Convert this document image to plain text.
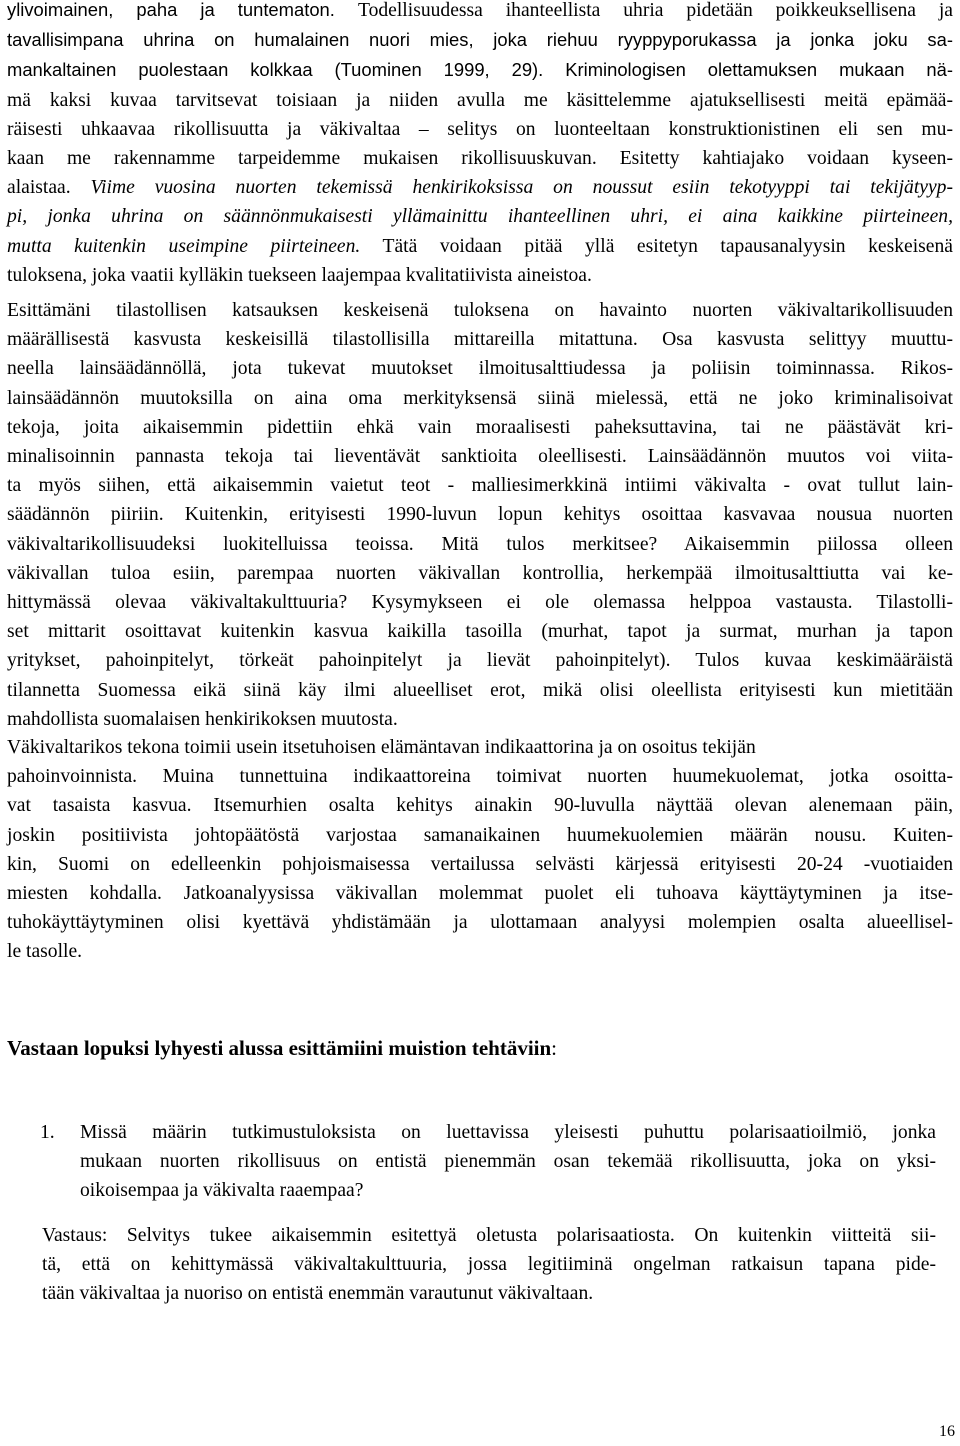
ylivoimainen, paha ja tuntematon. Todellisuudessa ihanteellista uhria pidetään poikkeuksellisena ja
tavallisimpana uhrina on humalainen nuori mies, joka riehuu ryyppyporukassa ja jonka joku sa-
mankaltainen puolestaan kolkkaa (Tuominen 1999, 29). Kriminologisen olettamuksen mukaan nä-
mä kaksi kuvaa tarvitsevat toisiaan ja niiden avulla me käsittelemme ajatuksellisesti meitä epämää-
räisesti uhkaavaa rikollisuutta ja väkivaltaa – selitys on luonteeltaan konstruktionistinen eli sen mu-
kaan me rakennamme tarpeidemme mukaisen rikollisuuskuvan. Esitetty kahtiajako voidaan kyseen-
alaistaa. Viime vuosina nuorten tekemissä henkirikoksissa on noussut esiin tekotyyppi tai tekijätyyp-
pi, jonka uhrina on säännönmukaisesti yllämainittu ihanteellinen uhri, ei aina kaikkine piirteineen,
mutta kuitenkin useimpine piirteineen. Tätä voidaan pitää yllä esitetyn tapausanalyysin keskeisenä
tuloksena, joka vaatii kylläkin tuekseen laajempaa kvalitatiivista aineistoa.
Esittämäni tilastollisen katsauksen keskeisenä tuloksena on havainto nuorten väkivaltarikollisuuden
määrällisestä kasvusta keskeisillä tilastollisilla mittareilla mitattuna. Osa kasvusta selittyy muuttu-
neella lainsäädännöllä, jota tukevat muutokset ilmoitusalttiudessa ja poliisin toiminnassa. Rikos-
lainsäädännön muutoksilla on aina oma merkityksensä siinä mielessä, että ne joko kriminalisoivat
tekoja, joita aikaisemmin pidettiin ehkä vain moraalisesti paheksuttavina, tai ne päästävät kri-
minalisoinnin pannasta tekoja tai lieventävät sanktioita oleellisesti. Lainsäädännön muutos voi viita-
ta myös siihen, että aikaisemmin vaietut teot - malliesimerkkinä intiimi väkivalta - ovat tullut lain-
säädännön piiriin. Kuitenkin, erityisesti 1990-luvun lopun kehitys osoittaa kasvavaa nousua nuorten
väkivaltarikollisuudeksi luokitelluissa teoissa. Mitä tulos merkitsee? Aikaisemmin piilossa olleen
väkivallan tuloa esiin, parempaa nuorten väkivallan kontrollia, herkempää ilmoitusalttiutta vai ke-
hittymässä olevaa väkivaltakulttuuria? Kysymykseen ei ole olemassa helppoa vastausta. Tilastolli-
set mittarit osoittavat kuitenkin kasvua kaikilla tasoilla (murhat, tapot ja surmat, murhan ja tapon
yritykset, pahoinpitelyt, törkeät pahoinpitelyt ja lievät pahoinpitelyt). Tulos kuvaa keskimääräistä
tilannetta Suomessa eikä siinä käy ilmi alueelliset erot, mikä olisi oleellista erityisesti kun mietitään
mahdollista suomalaisen henkirikoksen muutosta.
Väkivaltarikos tekona toimii usein itsetuhoisen elämäntavan indikaattorina ja on osoitus tekijän
pahoinvoinnista. Muina tunnettuina indikaattoreina toimivat nuorten huumekuolemat, jotka osoitta-
vat tasaista kasvua. Itsemurhien osalta kehitys ainakin 90-luvulla näyttää olevan alenemaan päin,
joskin positiivista johtopäätöstä varjostaa samanaikainen huumekuolemien määrän nousu. Kuiten-
kin, Suomi on edelleenkin pohjoismaisessa vertailussa selvästi kärjessä erityisesti 20-24 -vuotiaiden
miesten kohdalla. Jatkoanalyysissa väkivallan molemmat puolet eli tuhoava käyttäytyminen ja itse-
tuhokäyttäytyminen olisi kyettävä yhdistämään ja ulottamaan analyysi molempien osalta alueellisel-
le tasolle.

Vastaan lopuksi lyhyesti alussa esittämiini muistion tehtäviin:

1. Missä määrin tutkimustuloksista on luettavissa yleisesti puhuttu polarisaatioilmiö, jonka
mukaan nuorten rikollisuus on entistä pienemmän osan tekemää rikollisuutta, joka on yksi-
oikoisempaa ja väkivalta raaempaa?
Vastaus: Selvitys tukee aikaisemmin esitettyä oletusta polarisaatiosta. On kuitenkin viitteitä sii-
tä, että on kehittymässä väkivaltakulttuuria, jossa legitiiminä ongelman ratkaisun tapana pide-
tään väkivaltaa ja nuoriso on entistä enemmän varautunut väkivaltaan.

16
